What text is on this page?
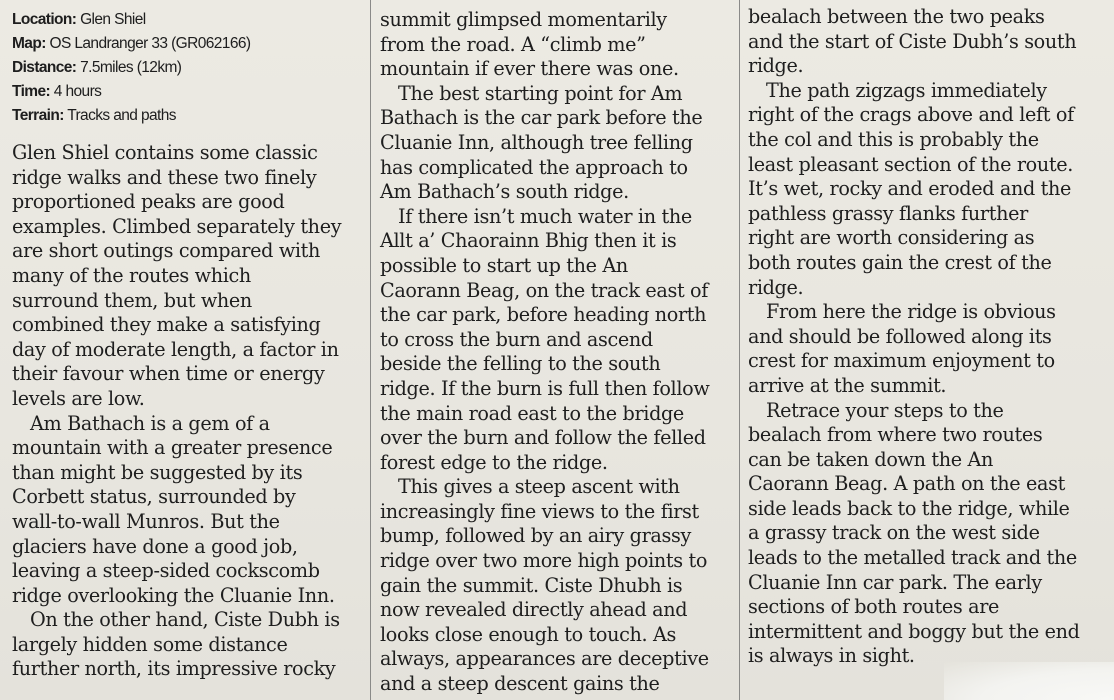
Location: Glen Shiel
Map: OS Landranger 33 (GR062166)
Distance: 7.5miles (12km)
Time: 4 hours
Terrain: Tracks and paths
Glen Shiel contains some classic
ridge walks and these two finely
proportioned peaks are good
examples. Climbed separately they
are short outings compared with
many of the routes which
surround them, but when
combined they make a satisfying
day of moderate length, a factor in
their favour when time or energy
levels are low.
Am Bathach is a gem of a
mountain with a greater presence
than might be suggested by its
Corbett status, surrounded by
wall-to-wall Munros. But the
glaciers have done a good job,
leaving a steep-sided cockscomb
ridge overlooking the Cluanie Inn.
On the other hand, Ciste Dubh is
largely hidden some distance
further north, its impressive rocky
summit glimpsed momentarily
from the road. A “climb me”
mountain if ever there was one.
The best starting point for Am
Bathach is the car park before the
Cluanie Inn, although tree felling
has complicated the approach to
Am Bathach’s south ridge.
If there isn’t much water in the
Allt a’ Chaorainn Bhig then it is
possible to start up the An
Caorann Beag, on the track east of
the car park, before heading north
to cross the burn and ascend
beside the felling to the south
ridge. If the burn is full then follow
the main road east to the bridge
over the burn and follow the felled
forest edge to the ridge.
This gives a steep ascent with
increasingly fine views to the first
bump, followed by an airy grassy
ridge over two more high points to
gain the summit. Ciste Dhubh is
now revealed directly ahead and
looks close enough to touch. As
always, appearances are deceptive
and a steep descent gains the
bealach between the two peaks
and the start of Ciste Dubh’s south
ridge.
The path zigzags immediately
right of the crags above and left of
the col and this is probably the
least pleasant section of the route.
It’s wet, rocky and eroded and the
pathless grassy flanks further
right are worth considering as
both routes gain the crest of the
ridge.
From here the ridge is obvious
and should be followed along its
crest for maximum enjoyment to
arrive at the summit.
Retrace your steps to the
bealach from where two routes
can be taken down the An
Caorann Beag. A path on the east
side leads back to the ridge, while
a grassy track on the west side
leads to the metalled track and the
Cluanie Inn car park. The early
sections of both routes are
intermittent and boggy but the end
is always in sight.
